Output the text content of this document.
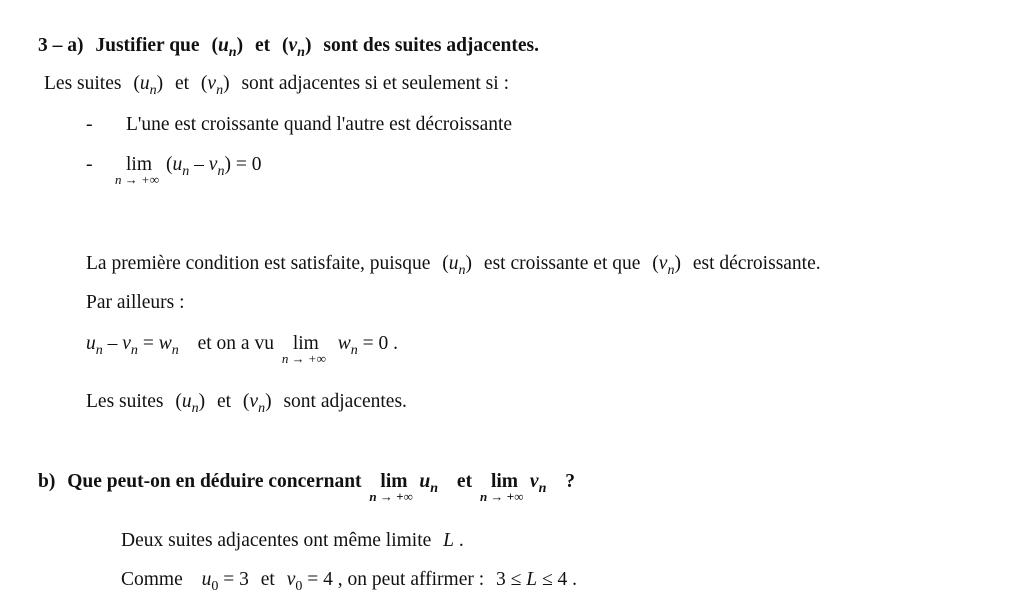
3 – a) Justifier que $(u_n)$ et $(v_n)$ sont des suites adjacentes.
Les suites $(u_n)$ et $(v_n)$ sont adjacentes si et seulement si :
- L'une est croissante quand l'autre est décroissante
- lim
n → +∞
$(u_n - v_n) = 0$
La première condition est satisfaite, puisque $(u_n)$ est croissante et que $(v_n)$ est décroissante.
Par ailleurs :
$u_n - v_n = w_n$ et on a vu lim
n → +∞
$w_n = 0$ .
Les suites $(u_n)$ et $(v_n)$ sont adjacentes.
b) Que peut-on en déduire concernant lim
n → +∞
$u_n$ et lim
n → +∞
$v_n$ ?
Deux suites adjacentes ont même limite L .
Comme $u_0 = 3$ et $v_0 = 4$ , on peut affirmer : 3 ≤ L ≤ 4 .
